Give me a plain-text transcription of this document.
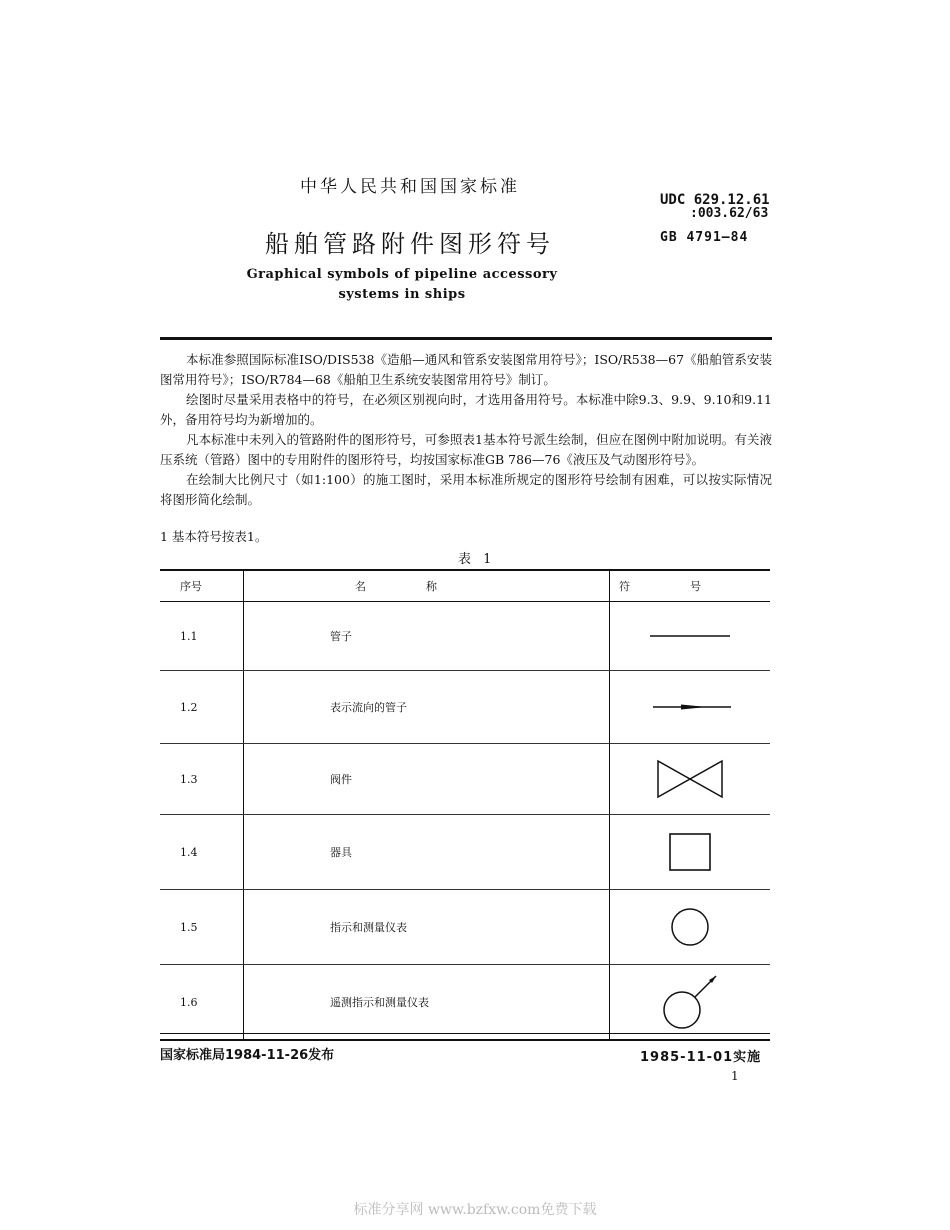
中华人民共和国国家标准
UDC 629.12.61
:003.62/63
GB 4791—84
船舶管路附件图形符号
Graphical symbols of pipeline accessory
systems in ships

本标准参照国际标准ISO/DIS538《造船—通风和管系安装图常用符号》；ISO/R538—67《船舶管系安装图常用符号》；ISO/R784—68《船舶卫生系统安装图常用符号》制订。

绘图时尽量采用表格中的符号，在必须区别视向时，才选用备用符号。本标准中除9.3、9.9、9.10和9.11外，备用符号均为新增加的。

凡本标准中未列入的管路附件的图形符号，可参照表1基本符号派生绘制，但应在图例中附加说明。有关液压系统（管路）图中的专用附件的图形符号，均按国家标准GB 786—76《液压及气动图形符号》。

在绘制大比例尺寸（如1:100）的施工图时，采用本标准所规定的图形符号绘制有困难，可以按实际情况将图形简化绘制。

1 基本符号按表1。
表 1
序号	名称	符号
1.1	管子	

1.2	表示流向的管子	

1.3	阀件	

1.4	器具	

1.5	指示和测量仪表	

1.6	遥测指示和测量仪表	
国家标准局1984-11-26发布	1985-11-01实施
1
标准分享网 www.bzfxw.com免费下载
